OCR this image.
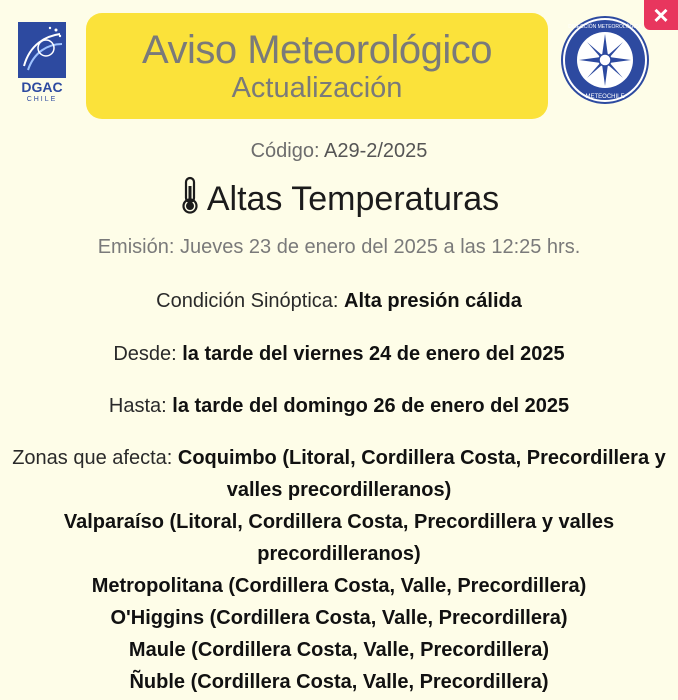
×
DGAC
CHILE
Aviso Meteorológico
Actualización
DIRECCIÓN METEOROLÓGICA
METEOCHILE
Código: A29-2/2025
Altas Temperaturas
Emisión: Jueves 23 de enero del 2025 a las 12:25 hrs.
Condición Sinóptica: Alta presión cálida
Desde: la tarde del viernes 24 de enero del 2025
Hasta: la tarde del domingo 26 de enero del 2025
Zonas que afecta: Coquimbo (Litoral, Cordillera Costa, Precordillera y valles precordilleranos)
Valparaíso (Litoral, Cordillera Costa, Precordillera y valles precordilleranos)
Metropolitana (Cordillera Costa, Valle, Precordillera)
O'Higgins (Cordillera Costa, Valle, Precordillera)
Maule (Cordillera Costa, Valle, Precordillera)
Ñuble (Cordillera Costa, Valle, Precordillera)
